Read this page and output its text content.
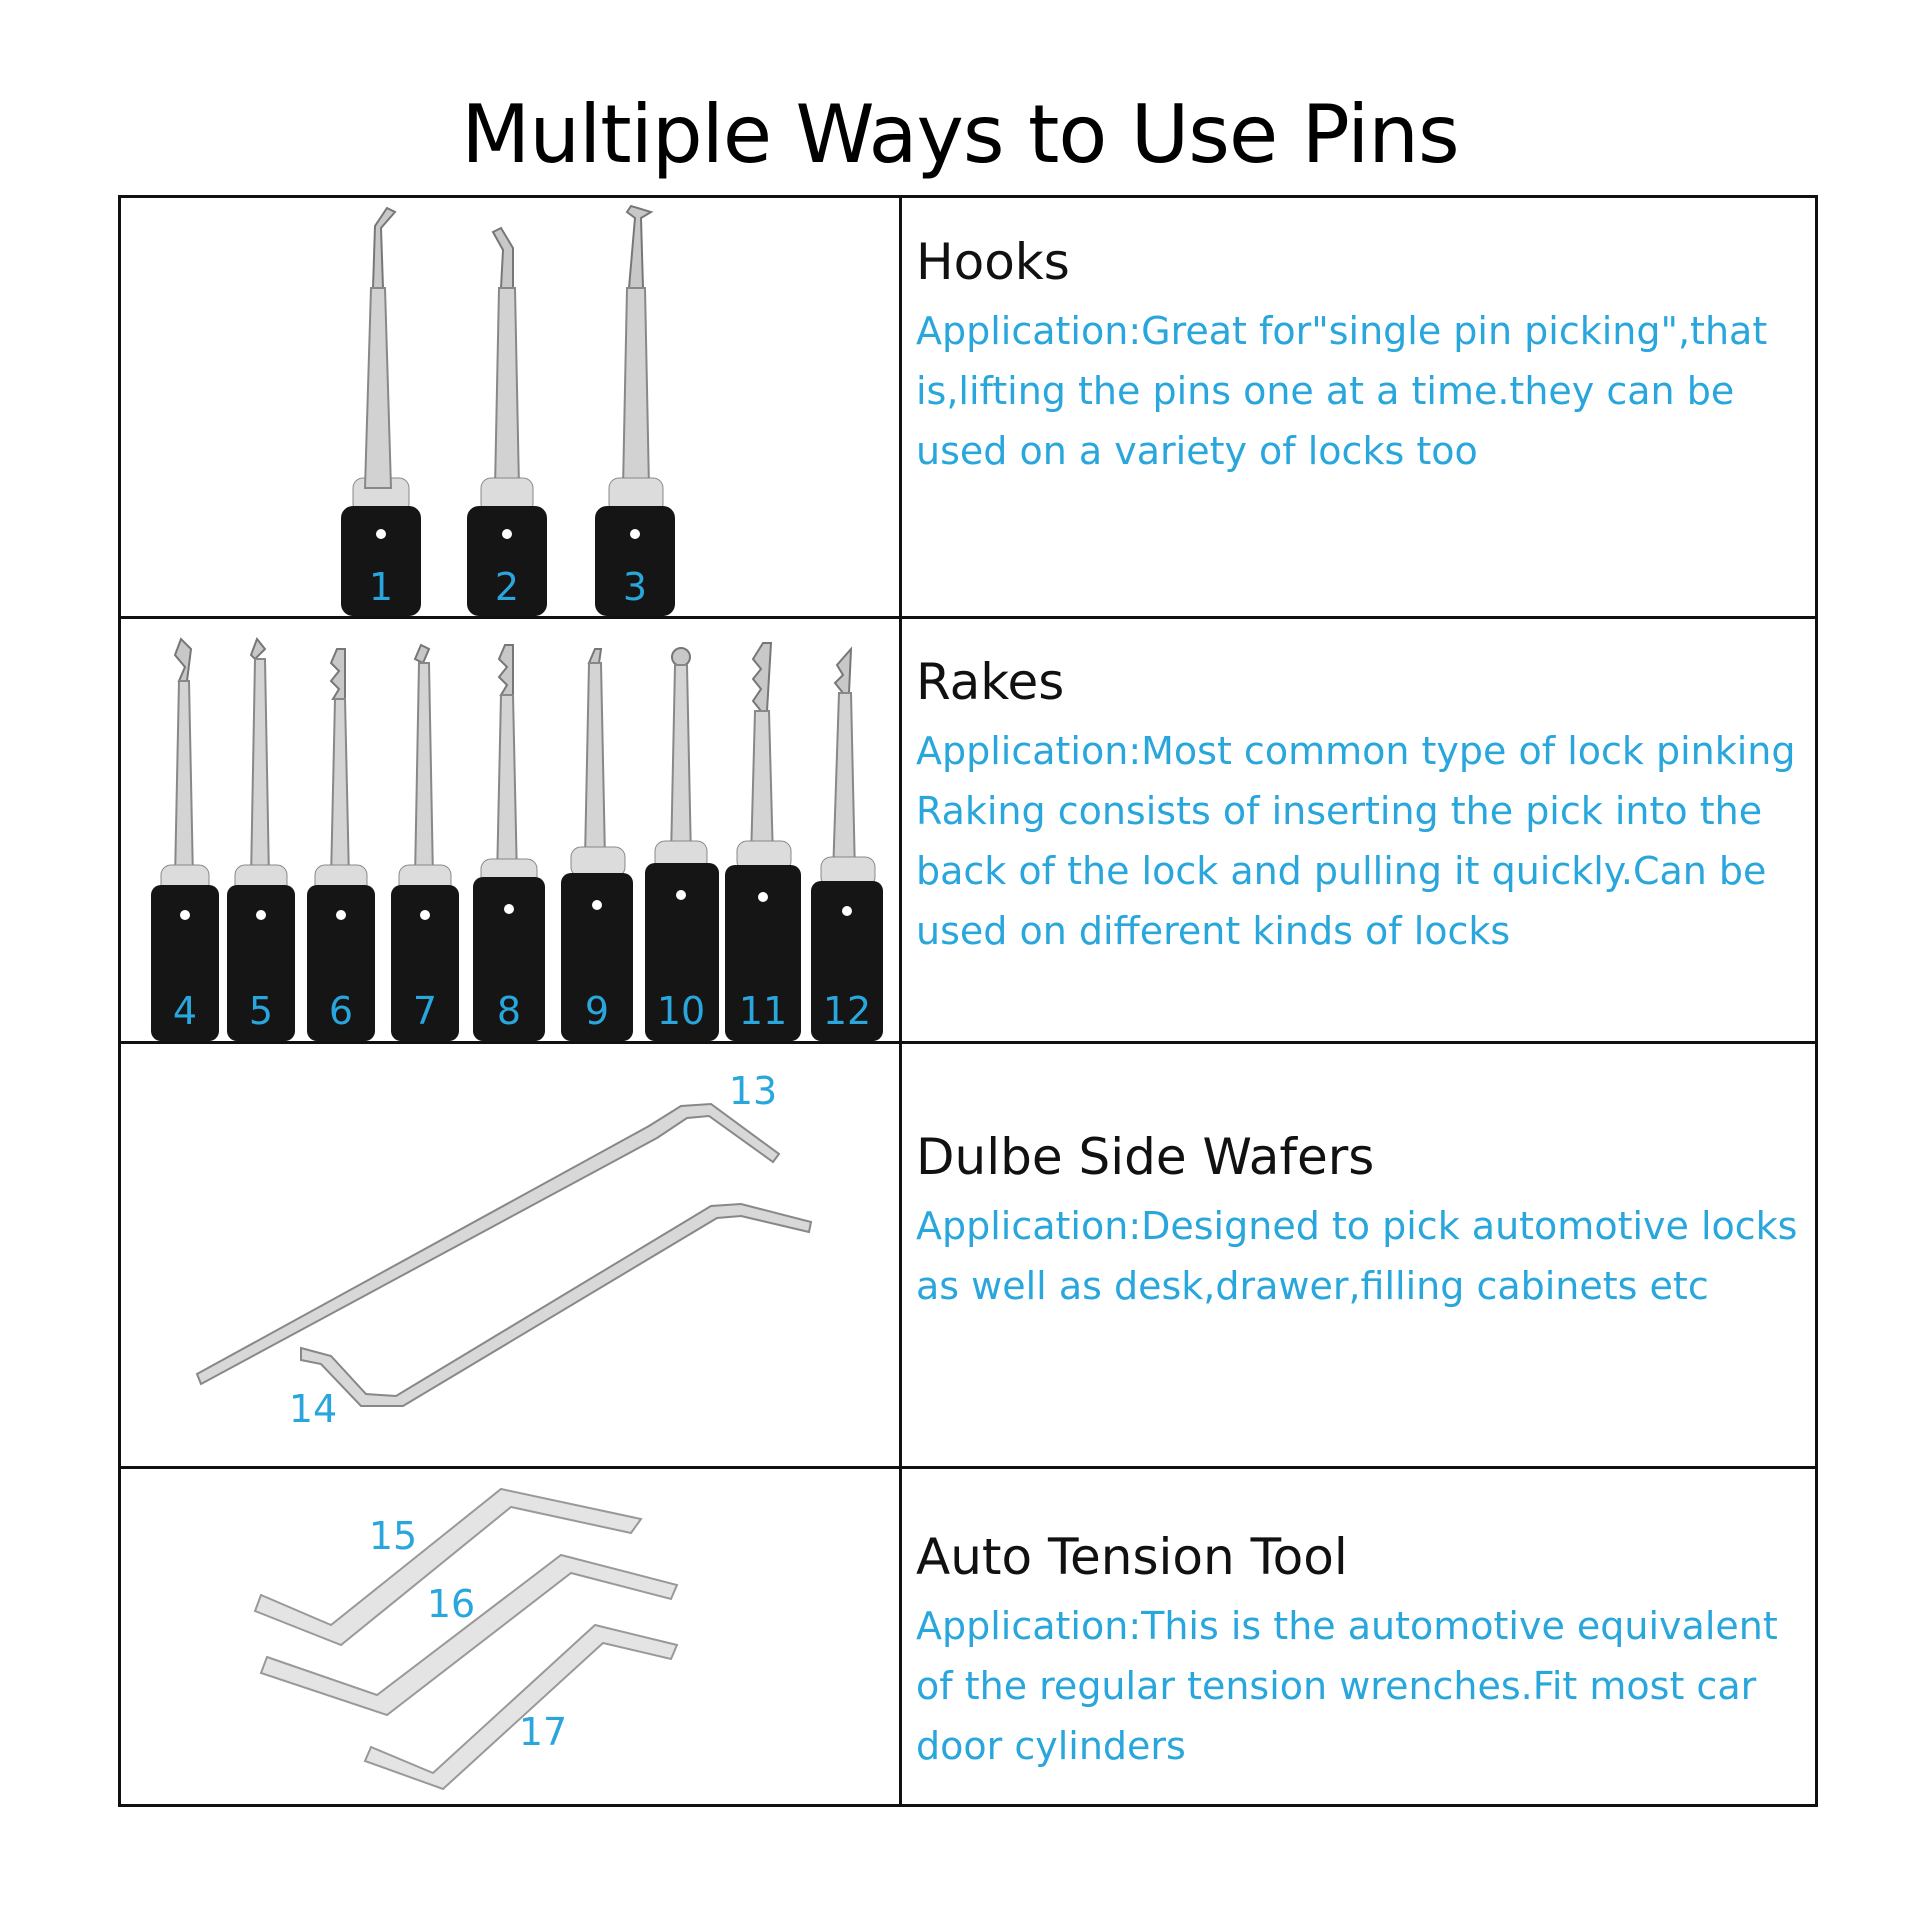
Multiple Ways to Use Pins
1	2	3
Hooks
Application:Great for"single pin picking",that is,lifting the pins one at a time.they can be used on a variety of locks too
4 5 6 7 8 9 10 11 12
Rakes
Application:Most common type of lock pinking Raking consists of inserting the pick into the back of the lock and pulling it quickly.Can be used on different kinds of locks
13
14
Dulbe Side Wafers
Application:Designed to pick automotive locks as well as desk,drawer,filling cabinets etc
15
16
17
Auto Tension Tool
Application:This is the automotive equivalent of the regular tension wrenches.Fit most car door cylinders
